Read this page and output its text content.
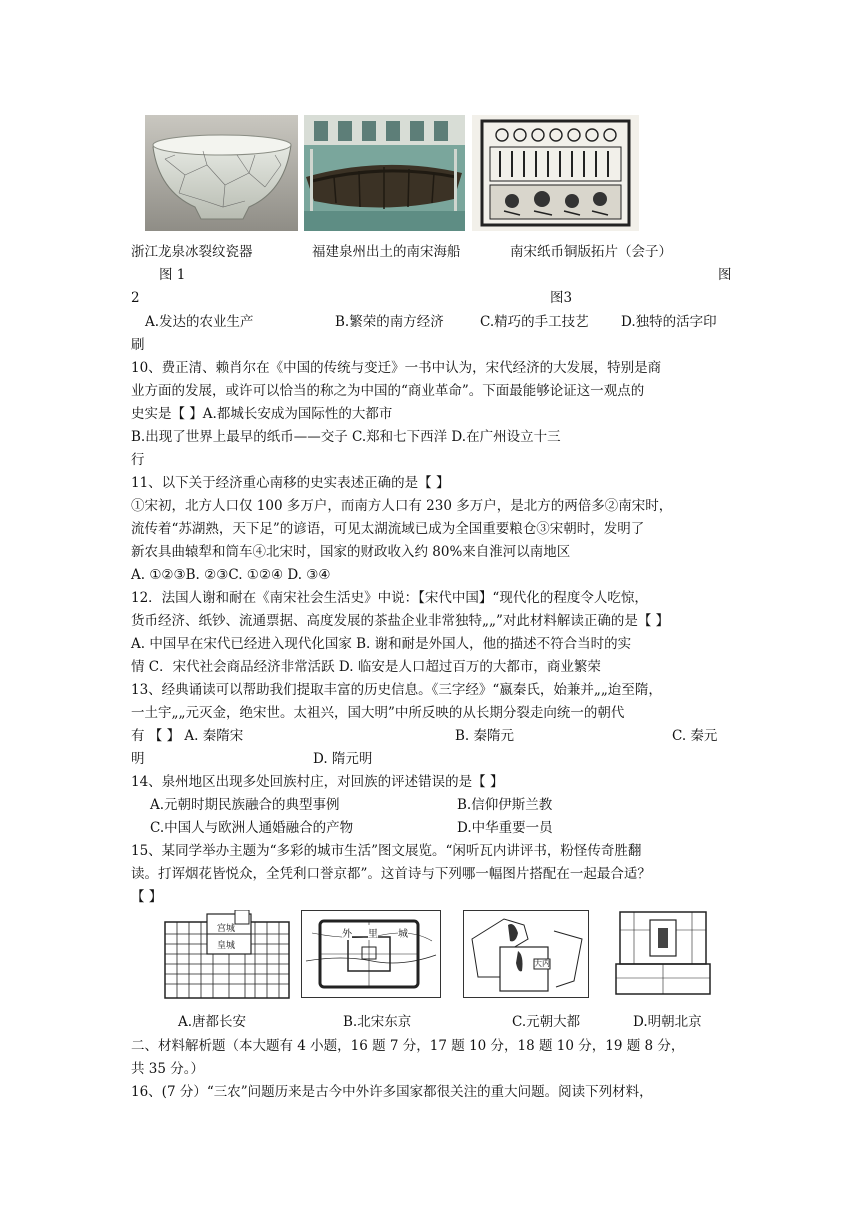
浙江龙泉冰裂纹瓷器	福建泉州出土的南宋海船	南宋纸币铜版拓片（会子）
图 1	图
2	图3
A.发达的农业生产	B.繁荣的南方经济	C.精巧的手工技艺 D.独特的活字印
刷
10、费正清、赖肖尔在《中国的传统与变迁》一书中认为，宋代经济的大发展，特别是商
业方面的发展，或许可以恰当的称之为中国的“商业革命”。下面最能够论证这一观点的
史实是【 】A.都城长安成为国际性的大都市
B.出现了世界上最早的纸币——交子 C.郑和七下西洋 D.在广州设立十三
行
11、以下关于经济重心南移的史实表述正确的是【 】
①宋初，北方人口仅 100 多万户，而南方人口有 230 多万户，是北方的两倍多②南宋时，
流传着“苏湖熟，天下足”的谚语，可见太湖流域已成为全国重要粮仓③宋朝时，发明了
新农具曲辕犁和筒车④北宋时，国家的财政收入约 80%来自淮河以南地区
A. ①②③B. ②③C. ①②④ D. ③④
12．法国人谢和耐在《南宋社会生活史》中说：【宋代中国】“现代化的程度令人吃惊，
货币经济、纸钞、流通票据、高度发展的茶盐企业非常独特„„”对此材料解读正确的是【 】
A. 中国早在宋代已经进入现代化国家 B. 谢和耐是外国人，他的描述不符合当时的实
情 C．宋代社会商品经济非常活跃 D. 临安是人口超过百万的大都市，商业繁荣
13、经典诵读可以帮助我们提取丰富的历史信息。《三字经》“嬴秦氏，始兼并„„迨至隋，
一土宇„„元灭金，绝宋世。太祖兴，国大明”中所反映的从长期分裂走向统一的朝代
有 【 】 A. 秦隋宋	B. 秦隋元	C. 秦元
明	D. 隋元明
14、泉州地区出现多处回族村庄，对回族的评述错误的是【 】
A.元朝时期民族融合的典型事例	B.信仰伊斯兰教
C.中国人与欧洲人通婚融合的产物	D.中华重要一员
15、某同学举办主题为“多彩的城市生活”图文展览。“闲听瓦内讲评书，粉怪传奇胜翻
读。打诨烟花皆悦众，全凭利口誉京都”。这首诗与下列哪一幅图片搭配在一起最合适？
【 】
宫城
皇城
外 里 城
大内
A.唐都长安	B.北宋东京	C.元朝大都	D.明朝北京
二、材料解析题（本大题有 4 小题，16 题 7 分，17 题 10 分，18 题 10 分，19 题 8 分，
共 35 分。）
16、(7 分）“三农”问题历来是古今中外许多国家都很关注的重大问题。阅读下列材料，
